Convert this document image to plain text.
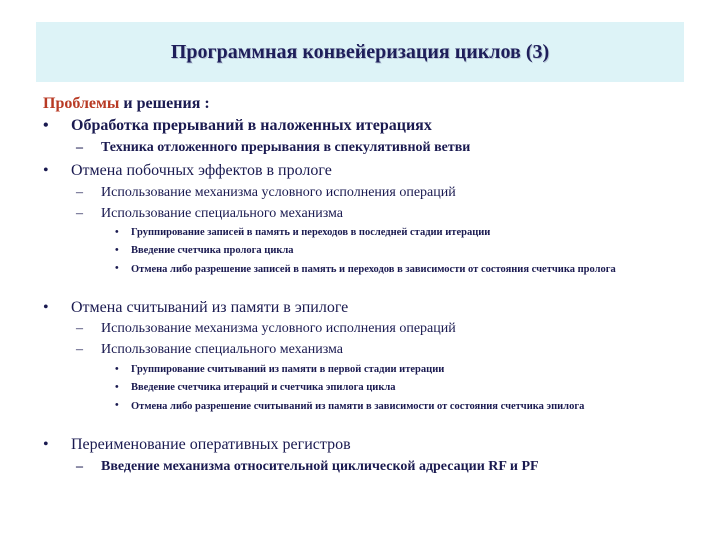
Программная конвейеризация циклов (3)
Проблемы и решения :
•	Обработка прерываний в наложенных итерациях
–	Техника отложенного прерывания в спекулятивной ветви
•	Отмена побочных эффектов в прологе
–	Использование механизма условного исполнения операций
–	Использование специального механизма
•	Группирование записей в память и переходов в последней стадии итерации
•	Введение счетчика пролога цикла
•	Отмена либо разрешение записей в память и переходов в зависимости от состояния счетчика пролога
•	Отмена считываний из памяти в эпилоге
–	Использование механизма условного исполнения операций
–	Использование специального механизма
•	Группирование считываний из памяти в первой стадии итерации
•	Введение счетчика итераций и счетчика эпилога цикла
•	Отмена либо разрешение считываний из памяти в зависимости от состояния счетчика эпилога
•	Переименование оперативных регистров
–	Введение механизма относительной циклической адресации RF и PF
